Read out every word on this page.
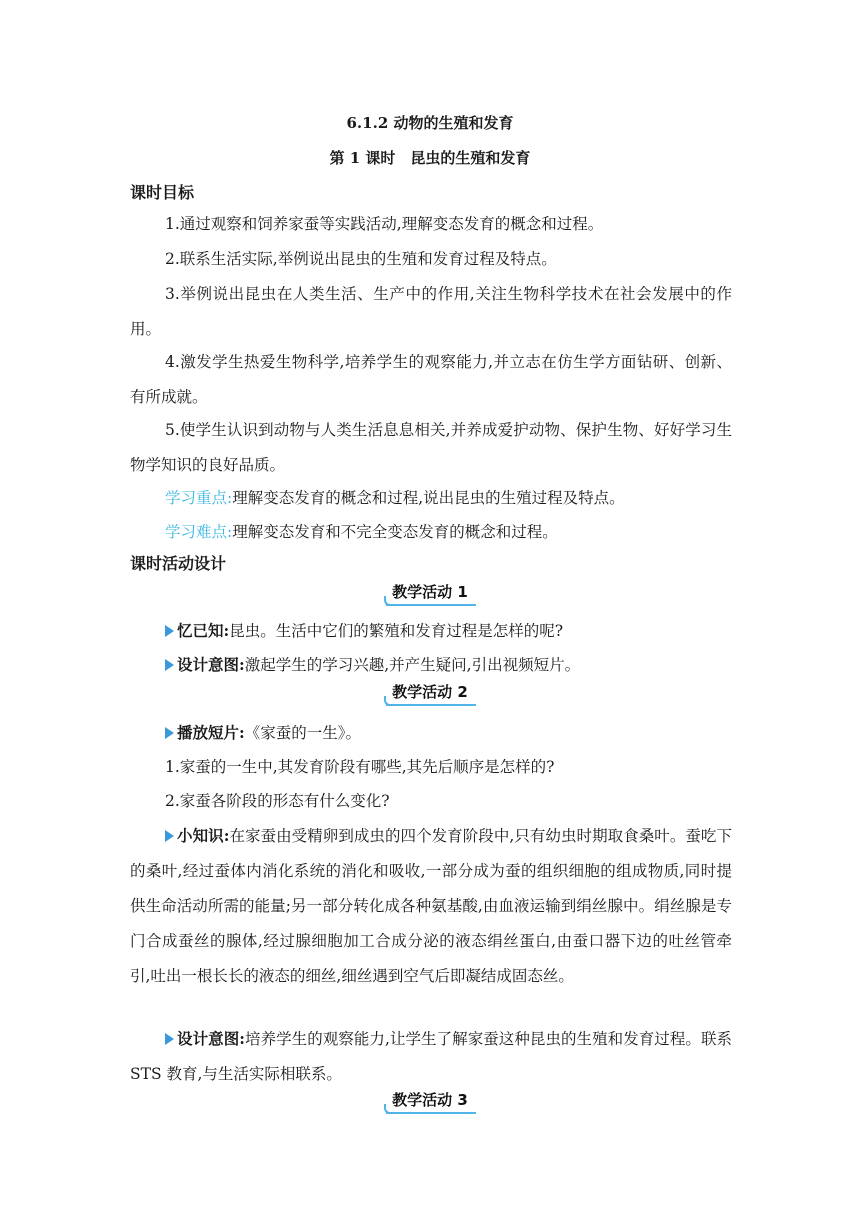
6.1.2 动物的生殖和发育
第 1 课时　昆虫的生殖和发育
课时目标
1.通过观察和饲养家蚕等实践活动,理解变态发育的概念和过程。
2.联系生活实际,举例说出昆虫的生殖和发育过程及特点。
3.举例说出昆虫在人类生活、生产中的作用,关注生物科学技术在社会发展中的作用。
4.激发学生热爱生物科学,培养学生的观察能力,并立志在仿生学方面钻研、创新、有所成就。
5.使学生认识到动物与人类生活息息相关,并养成爱护动物、保护生物、好好学习生物学知识的良好品质。
学习重点:理解变态发育的概念和过程,说出昆虫的生殖过程及特点。
学习难点:理解变态发育和不完全变态发育的概念和过程。
课时活动设计
教学活动 1
忆已知:昆虫。生活中它们的繁殖和发育过程是怎样的呢?
设计意图:激起学生的学习兴趣,并产生疑问,引出视频短片。
教学活动 2
播放短片:《家蚕的一生》。
1.家蚕的一生中,其发育阶段有哪些,其先后顺序是怎样的?
2.家蚕各阶段的形态有什么变化?
小知识:在家蚕由受精卵到成虫的四个发育阶段中,只有幼虫时期取食桑叶。蚕吃下的桑叶,经过蚕体内消化系统的消化和吸收,一部分成为蚕的组织细胞的组成物质,同时提供生命活动所需的能量;另一部分转化成各种氨基酸,由血液运输到绢丝腺中。绢丝腺是专门合成蚕丝的腺体,经过腺细胞加工合成分泌的液态绢丝蛋白,由蚕口器下边的吐丝管牵引,吐出一根长长的液态的细丝,细丝遇到空气后即凝结成固态丝。
设计意图:培养学生的观察能力,让学生了解家蚕这种昆虫的生殖和发育过程。联系 STS 教育,与生活实际相联系。
教学活动 3
